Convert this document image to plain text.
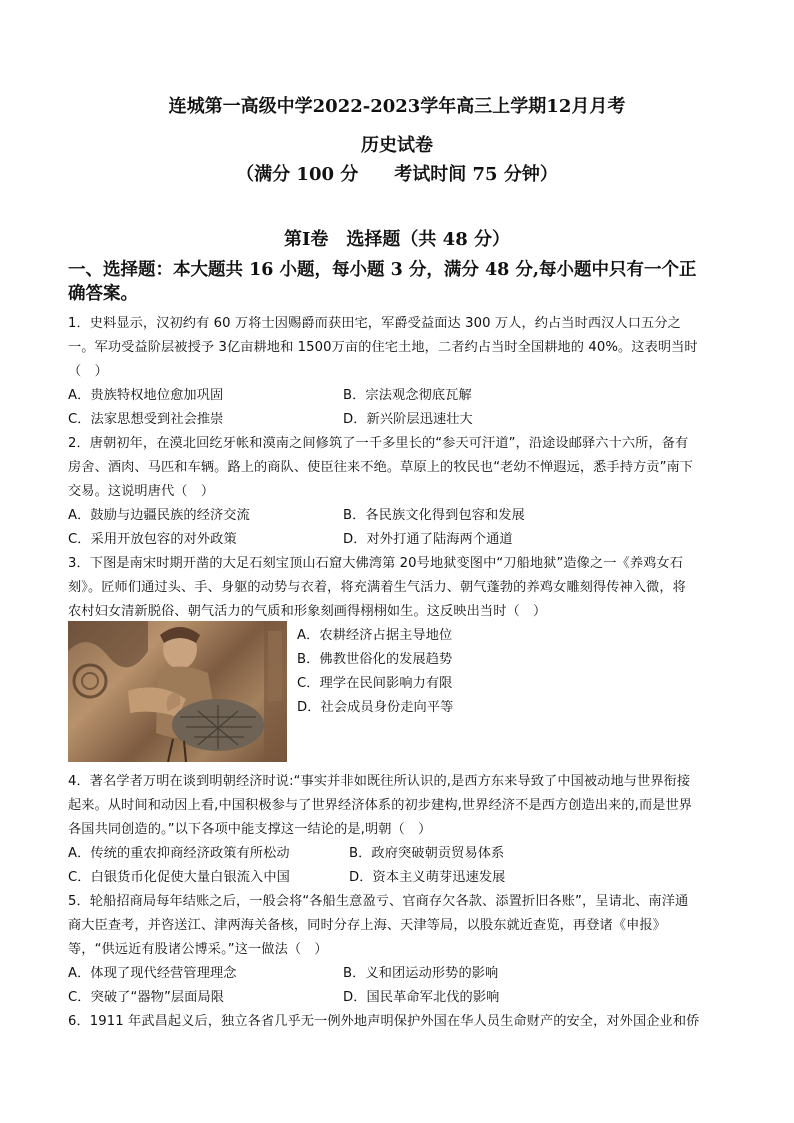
连城第一高级中学2022-2023学年高三上学期12月月考
历史试卷
（满分 100 分　　考试时间 75 分钟）
第Ⅰ卷　选择题（共 48 分）
一、选择题：本大题共 16 小题，每小题 3 分，满分 48 分,每小题中只有一个正
确答案。
1．史料显示，汉初约有 60 万将士因赐爵而获田宅，军爵受益面达 300 万人，约占当时西汉人口五分之
一。军功受益阶层被授予 3亿亩耕地和 1500万亩的住宅土地，二者约占当时全国耕地的 40%。这表明当时
（　）
A．贵族特权地位愈加巩固	B．宗法观念彻底瓦解
C．法家思想受到社会推崇	D．新兴阶层迅速壮大
2．唐朝初年，在漠北回纥牙帐和漠南之间修筑了一千多里长的“参天可汗道”，沿途设邮驿六十六所，备有
房舍、酒肉、马匹和车辆。路上的商队、使臣往来不绝。草原上的牧民也“老幼不惮遐远，悉手持方贡”南下
交易。这说明唐代（　）
A．鼓励与边疆民族的经济交流	B．各民族文化得到包容和发展
C．采用开放包容的对外政策	D．对外打通了陆海两个通道
3．下图是南宋时期开凿的大足石刻宝顶山石窟大佛湾第 20号地狱变图中“刀船地狱”造像之一《养鸡女石
刻》。匠师们通过头、手、身躯的动势与衣着，将充满着生气活力、朝气蓬勃的养鸡女雕刻得传神入微，将
农村妇女清新脱俗、朝气活力的气质和形象刻画得栩栩如生。这反映出当时（　）
A．农耕经济占据主导地位
B．佛教世俗化的发展趋势
C．理学在民间影响力有限
D．社会成员身份走向平等
4．著名学者万明在谈到明朝经济时说:“事实并非如既往所认识的,是西方东来导致了中国被动地与世界衔接
起来。从时间和动因上看,中国积极参与了世界经济体系的初步建构,世界经济不是西方创造出来的,而是世界
各国共同创造的。”以下各项中能支撑这一结论的是,明朝（　）
A．传统的重农抑商经济政策有所松动	B．政府突破朝贡贸易体系
C．白银货币化促使大量白银流入中国	D．资本主义萌芽迅速发展
5．轮船招商局每年结账之后，一般会将“各船生意盈亏、官商存欠各款、添置折旧各账”，呈请北、南洋通
商大臣查考，并咨送江、津两海关备核，同时分存上海、天津等局，以股东就近查览，再登诸《申报》
等，“供远近有股诸公博采。”这一做法（　）
A．体现了现代经营管理理念	B．义和团运动形势的影响
C．突破了“器物”层面局限	D．国民革命军北伐的影响
6．1911 年武昌起义后，独立各省几乎无一例外地声明保护外国在华人员生命财产的安全，对外国企业和侨
